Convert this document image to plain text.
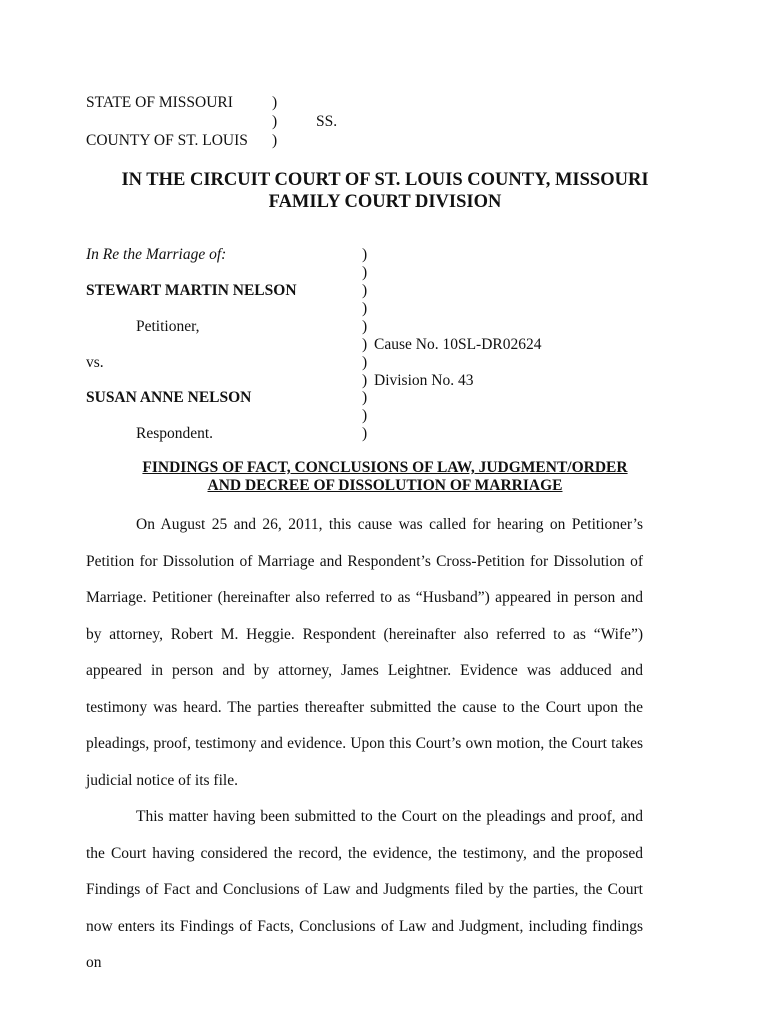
STATE OF MISSOURI	)
)	SS.
COUNTY OF ST. LOUIS )
IN THE CIRCUIT COURT OF ST. LOUIS COUNTY, MISSOURI
FAMILY COURT DIVISION
In Re the Marriage of:
STEWART MARTIN NELSON
Petitioner,
vs.
SUSAN ANNE NELSON
Respondent.
)
)
)
)
)
)
)
)
)
)
)
Cause No. 10SL-DR02624
Division No. 43
FINDINGS OF FACT, CONCLUSIONS OF LAW, JUDGMENT/ORDER
AND DECREE OF DISSOLUTION OF MARRIAGE

On August 25 and 26, 2011, this cause was called for hearing on Petitioner’s Petition for Dissolution of Marriage and Respondent’s Cross-Petition for Dissolution of Marriage. Petitioner (hereinafter also referred to as “Husband”) appeared in person and by attorney, Robert M. Heggie. Respondent (hereinafter also referred to as “Wife”) appeared in person and by attorney, James Leightner. Evidence was adduced and testimony was heard. The parties thereafter submitted the cause to the Court upon the pleadings, proof, testimony and evidence. Upon this Court’s own motion, the Court takes judicial notice of its file.

This matter having been submitted to the Court on the pleadings and proof, and the Court having considered the record, the evidence, the testimony, and the proposed Findings of Fact and Conclusions of Law and Judgments filed by the parties, the Court now enters its Findings of Facts, Conclusions of Law and Judgment, including findings on
